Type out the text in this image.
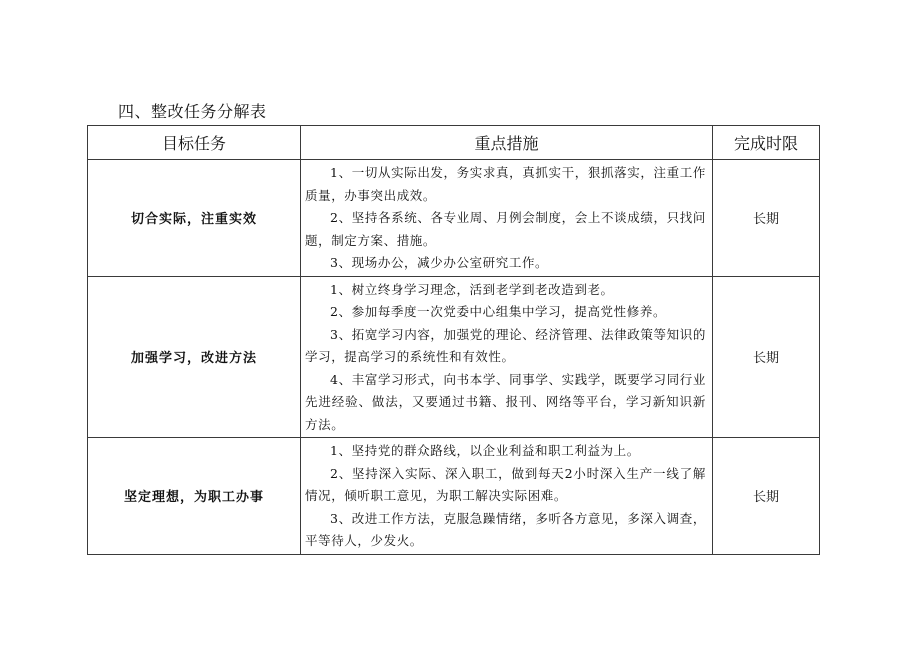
四、整改任务分解表
目标任务	重点措施	完成时限
切合实际，注重实效	1、一切从实际出发，务实求真，真抓实干，狠抓落实，注重工作质量，办事突出成效。

2、坚持各系统、各专业周、月例会制度，会上不谈成绩，只找问题，制定方案、措施。

3、现场办公，减少办公室研究工作。	长期
加强学习，改进方法	1、树立终身学习理念，活到老学到老改造到老。

2、参加每季度一次党委中心组集中学习，提高党性修养。

3、拓宽学习内容，加强党的理论、经济管理、法律政策等知识的学习，提高学习的系统性和有效性。

4、丰富学习形式，向书本学、同事学、实践学，既要学习同行业先进经验、做法，又要通过书籍、报刊、网络等平台，学习新知识新方法。	长期
坚定理想，为职工办事	1、坚持党的群众路线，以企业利益和职工利益为上。

2、坚持深入实际、深入职工，做到每天2小时深入生产一线了解情况，倾听职工意见，为职工解决实际困难。

3、改进工作方法，克服急躁情绪，多听各方意见，多深入调查，平等待人，少发火。	长期
